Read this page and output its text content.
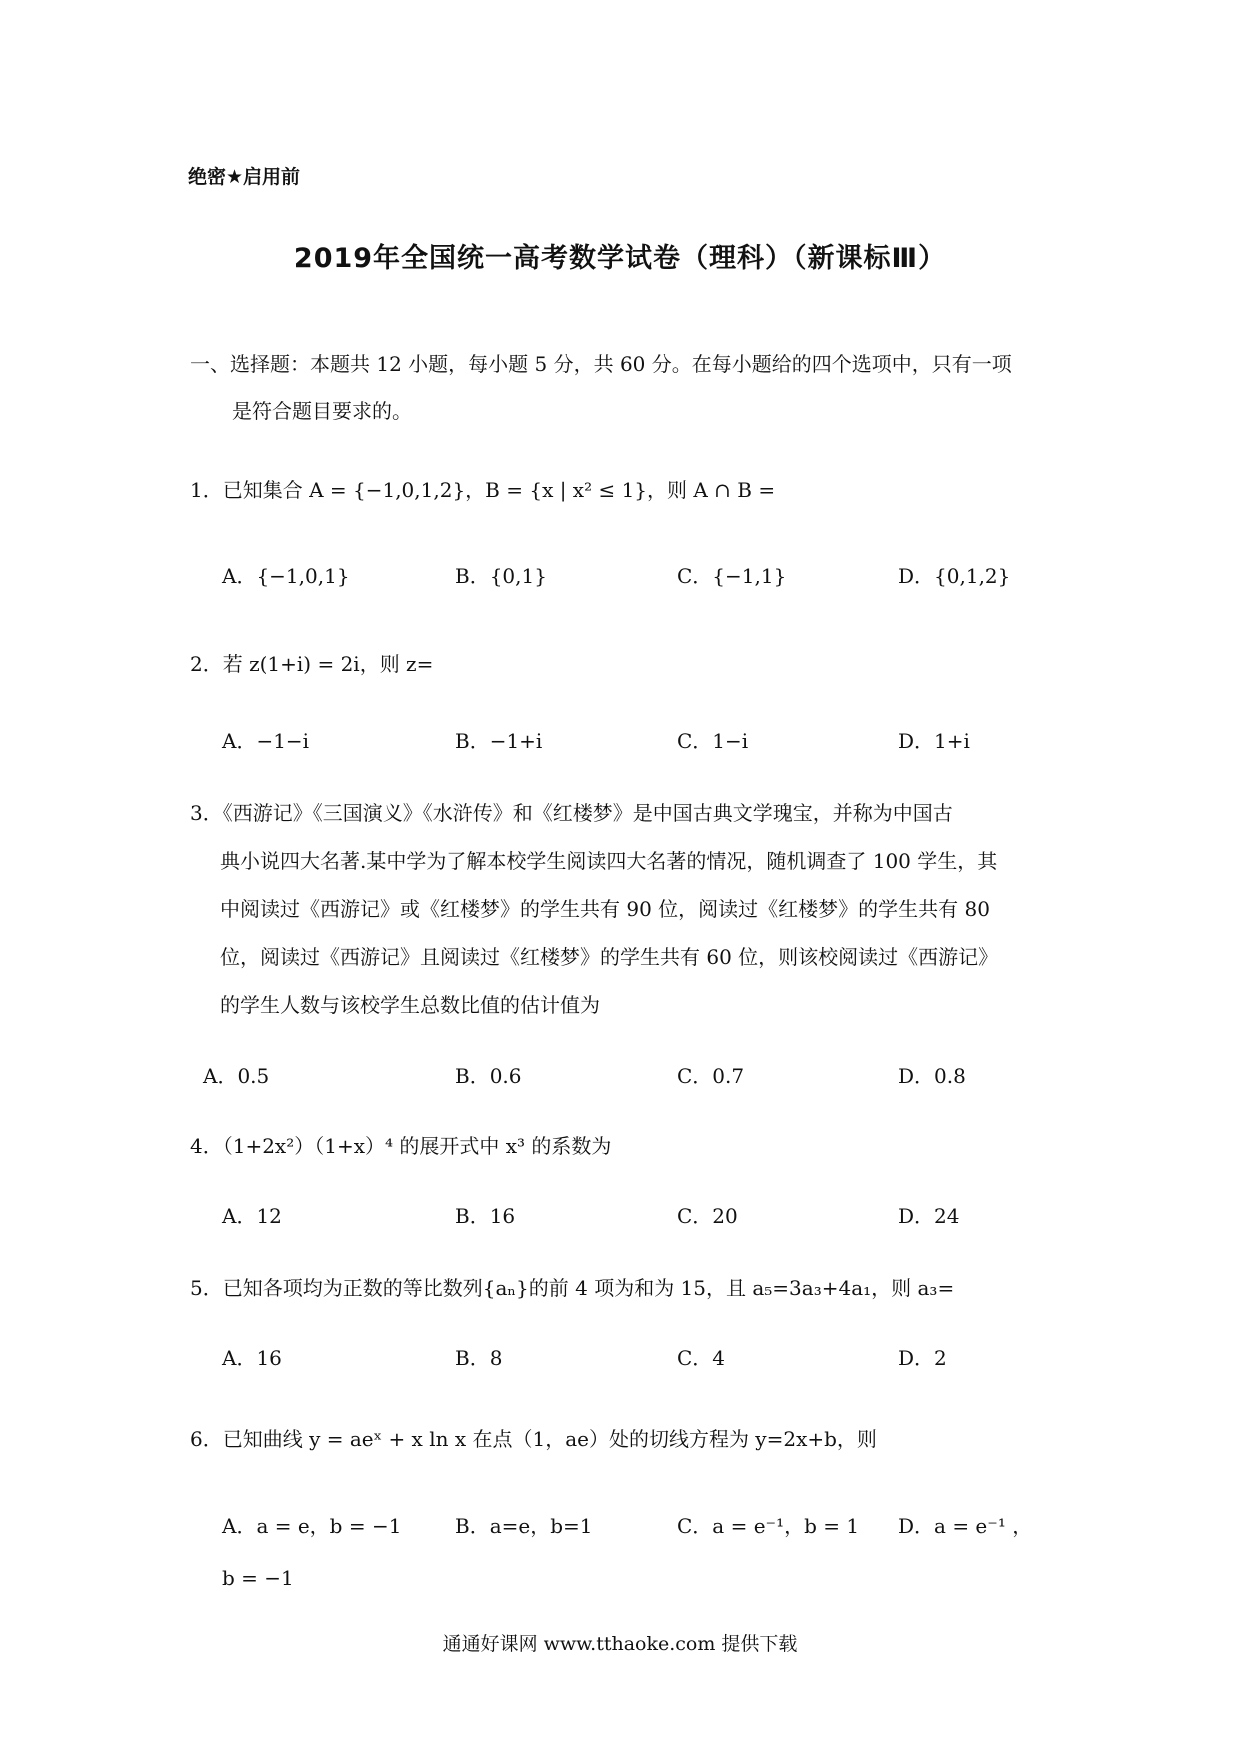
绝密★启用前
2019年全国统一高考数学试卷（理科）（新课标Ⅲ）
一、选择题：本题共 12 小题，每小题 5 分，共 60 分。在每小题给的四个选项中，只有一项
是符合题目要求的。
1．已知集合 A = {−1,0,1,2}，B = {x | x² ≤ 1}，则 A ∩ B =
A．{−1,0,1}	B．{0,1}	C．{−1,1}	D．{0,1,2}
2．若 z(1+i) = 2i，则 z=
A．−1−i	B．−1+i	C．1−i	D．1+i
3．《西游记》《三国演义》《水浒传》和《红楼梦》是中国古典文学瑰宝，并称为中国古
典小说四大名著.某中学为了解本校学生阅读四大名著的情况，随机调查了 100 学生，其
中阅读过《西游记》或《红楼梦》的学生共有 90 位，阅读过《红楼梦》的学生共有 80
位，阅读过《西游记》且阅读过《红楼梦》的学生共有 60 位，则该校阅读过《西游记》
的学生人数与该校学生总数比值的估计值为
A．0.5	B．0.6	C．0.7	D．0.8
4．（1+2x²）（1+x）⁴ 的展开式中 x³ 的系数为
A．12	B．16	C．20	D．24
5．已知各项均为正数的等比数列{aₙ}的前 4 项为和为 15，且 a₅=3a₃+4a₁，则 a₃=
A．16	B．8	C．4	D．2
6．已知曲线 y = aeˣ + x ln x 在点（1，ae）处的切线方程为 y=2x+b，则
A．a = e，b = −1	B．a=e，b=1	C．a = e⁻¹，b = 1 D．a = e⁻¹ ，
b = −1
通通好课网 www.tthaoke.com 提供下载
